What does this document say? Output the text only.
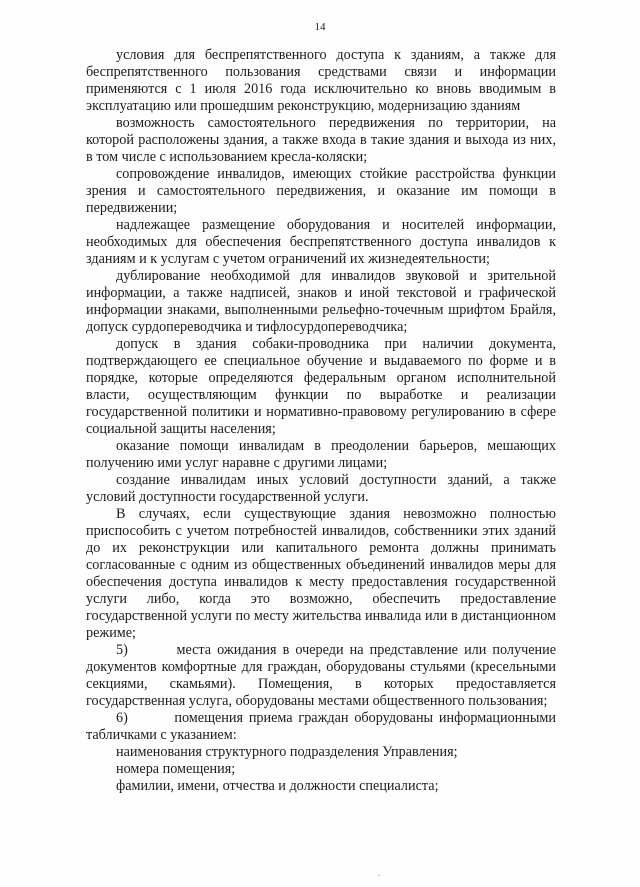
14

условия для беспрепятственного доступа к зданиям, а также для беспрепятственного пользования средствами связи и информации применяются с 1 июля 2016 года исключительно ко вновь вводимым в эксплуатацию или прошедшим реконструкцию, модернизацию зданиям

возможность самостоятельного передвижения по территории, на которой расположены здания, а также входа в такие здания и выхода из них, в том числе с использованием кресла-коляски;

сопровождение инвалидов, имеющих стойкие расстройства функции зрения и самостоятельного передвижения, и оказание им помощи в передвижении;

надлежащее размещение оборудования и носителей информации, необходимых для обеспечения беспрепятственного доступа инвалидов к зданиям и к услугам с учетом ограничений их жизнедеятельности;

дублирование необходимой для инвалидов звуковой и зрительной информации, а также надписей, знаков и иной текстовой и графической информации знаками, выполненными рельефно-точечным шрифтом Брайля, допуск сурдопереводчика и тифлосурдопереводчика;

допуск в здания собаки-проводника при наличии документа, подтверждающего ее специальное обучение и выдаваемого по форме и в порядке, которые определяются федеральным органом исполнительной власти, осуществляющим функции по выработке и реализации государственной политики и нормативно-правовому регулированию в сфере социальной защиты населения;

оказание помощи инвалидам в преодолении барьеров, мешающих получению ими услуг наравне с другими лицами;

создание инвалидам иных условий доступности зданий, а также условий доступности государственной услуги.

В случаях, если существующие здания невозможно полностью приспособить с учетом потребностей инвалидов, собственники этих зданий до их реконструкции или капитального ремонта должны принимать согласованные с одним из общественных объединений инвалидов меры для обеспечения доступа инвалидов к месту предоставления государственной услуги либо, когда это возможно, обеспечить предоставление государственной услуги по месту жительства инвалида или в дистанционном режиме;

5)	места ожидания в очереди на представление или получение документов комфортные для граждан, оборудованы стульями (кресельными секциями, скамьями). Помещения, в которых предоставляется государственная услуга, оборудованы местами общественного пользования;

6)	помещения приема граждан оборудованы информационными табличками с указанием:

наименования структурного подразделения Управления;

номера помещения;

фамилии, имени, отчества и должности специалиста;
